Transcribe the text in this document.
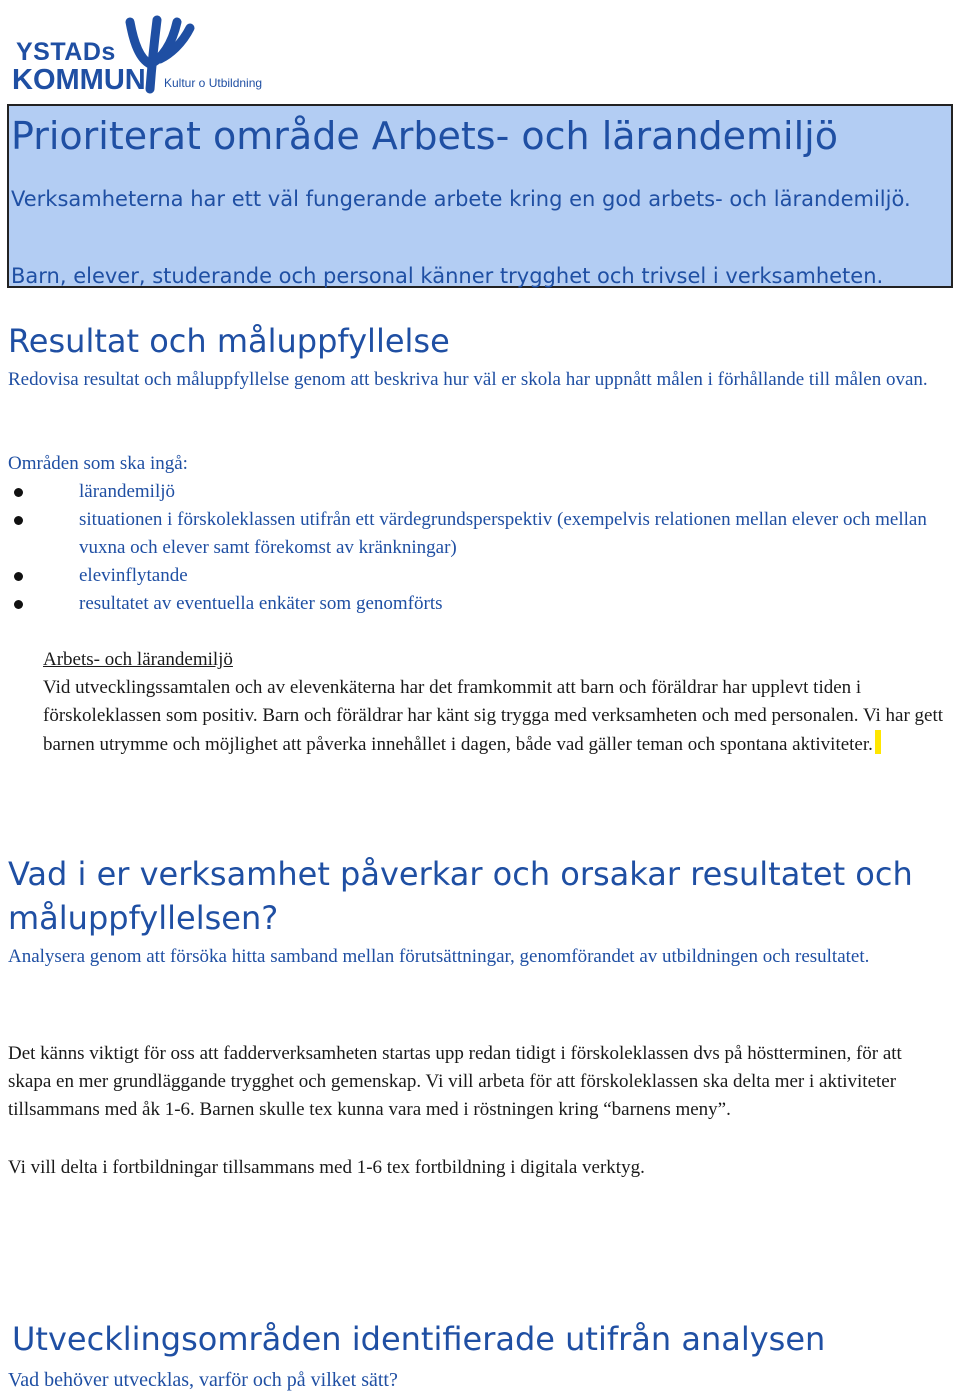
YSTADs
KOMMUN Kultur o Utbildning
Prioriterat område Arbets- och lärandemiljö
Verksamheterna har ett väl fungerande arbete kring en god arbets- och lärandemiljö.
Barn, elever, studerande och personal känner trygghet och trivsel i verksamheten.
Resultat och måluppfyllelse

Redovisa resultat och måluppfyllelse genom att beskriva hur väl er skola har uppnått målen i förhållande till målen ovan.

Områden som ska ingå:

lärandemiljö
situationen i förskoleklassen utifrån ett värdegrundsperspektiv (exempelvis relationen mellan elever och mellan vuxna och elever samt förekomst av kränkningar)
elevinflytande
resultatet av eventuella enkäter som genomförts

Arbets- och lärandemiljö

Vid utvecklingssamtalen och av elevenkäterna har det framkommit att barn och föräldrar har upplevt tiden i förskoleklassen som positiv. Barn och föräldrar har känt sig trygga med verksamheten och med personalen. Vi har gett barnen utrymme och möjlighet att påverka innehållet i dagen, både vad gäller teman och spontana aktiviteter.

Vad i er verksamhet påverkar och orsakar resultatet och måluppfyllelsen?

Analysera genom att försöka hitta samband mellan förutsättningar, genomförandet av utbildningen och resultatet.

Det känns viktigt för oss att fadderverksamheten startas upp redan tidigt i förskoleklassen dvs på höstterminen, för att skapa en mer grundläggande trygghet och gemenskap. Vi vill arbeta för att förskoleklassen ska delta mer i aktiviteter tillsammans med åk 1-6. Barnen skulle tex kunna vara med i röstningen kring “barnens meny”.

Vi vill delta i fortbildningar tillsammans med 1-6 tex fortbildning i digitala verktyg.

Utvecklingsområden identifierade utifrån analysen

Vad behöver utvecklas, varför och på vilket sätt?
